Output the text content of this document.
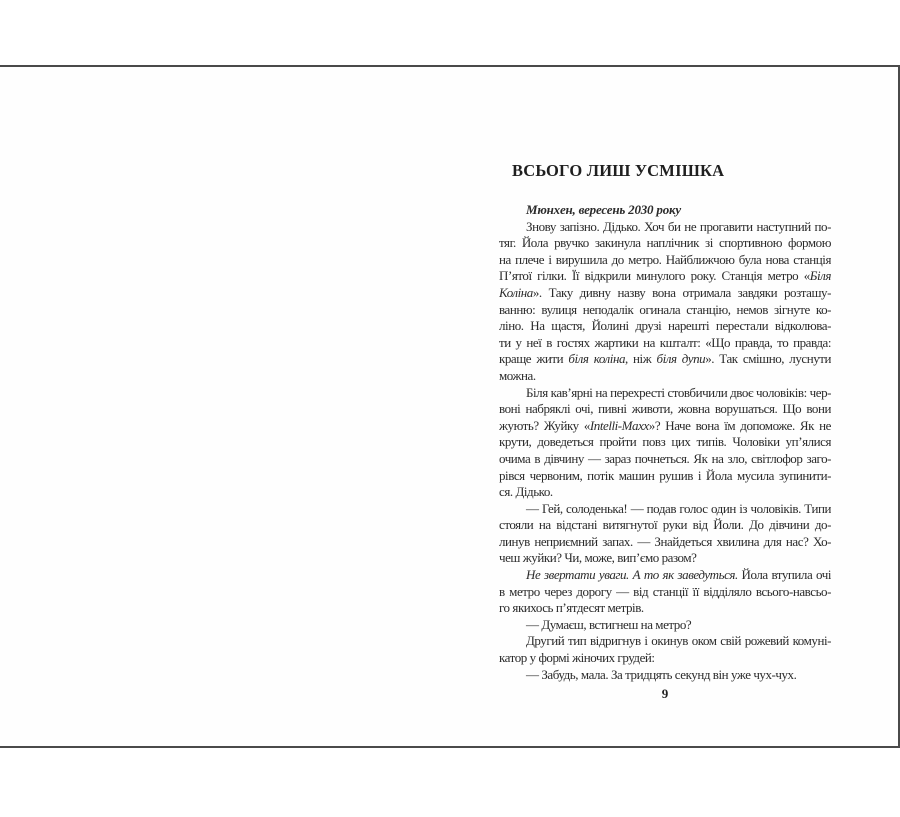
ВСЬОГО ЛИШ УСМІШКА

Мюнхен, вересень 2030 року

Знову запізно. Дідько. Хоч би не прогавити наступний по-
тяг. Йола рвучко закинула наплічник зі спортивною формою
на плече і вирушила до метро. Найближчою була нова станція
П’ятої гілки. Її відкрили минулого року. Станція метро «Біля
Коліна». Таку дивну назву вона отримала завдяки розташу-
ванню: вулиця неподалік огинала станцію, немов зігнуте ко-
ліно. На щастя, Йолині друзі нарешті перестали відколюва-
ти у неї в гостях жартики на кшталт: «Що правда, то правда:
краще жити біля коліна, ніж біля дупи». Так смішно, луснути
можна.
Біля кав’ярні на перехресті стовбичили двоє чоловіків: чер-
воні набряклі очі, пивні животи, жовна ворушаться. Що вони
жують? Жуйку «Intelli-Maxx»? Наче вона їм допоможе. Як не
крути, доведеться пройти повз цих типів. Чоловіки уп’ялися
очима в дівчину — зараз почнеться. Як на зло, світлофор заго-
рівся червоним, потік машин рушив і Йола мусила зупинити-
ся. Дідько.
— Гей, солоденька! — подав голос один із чоловіків. Типи
стояли на відстані витягнутої руки від Йоли. До дівчини до-
линув неприємний запах. — Знайдеться хвилина для нас? Хо-
чеш жуйки? Чи, може, вип’ємо разом?
Не звертати уваги. А то як заведуться. Йола втупила очі
в метро через дорогу — від станції її відділяло всього-навсьо-
го якихось п’ятдесят метрів.
— Думаєш, встигнеш на метро?
Другий тип відригнув і окинув оком свій рожевий комуні-
катор у формі жіночих грудей:
— Забудь, мала. За тридцять секунд він уже чух-чух.
9
